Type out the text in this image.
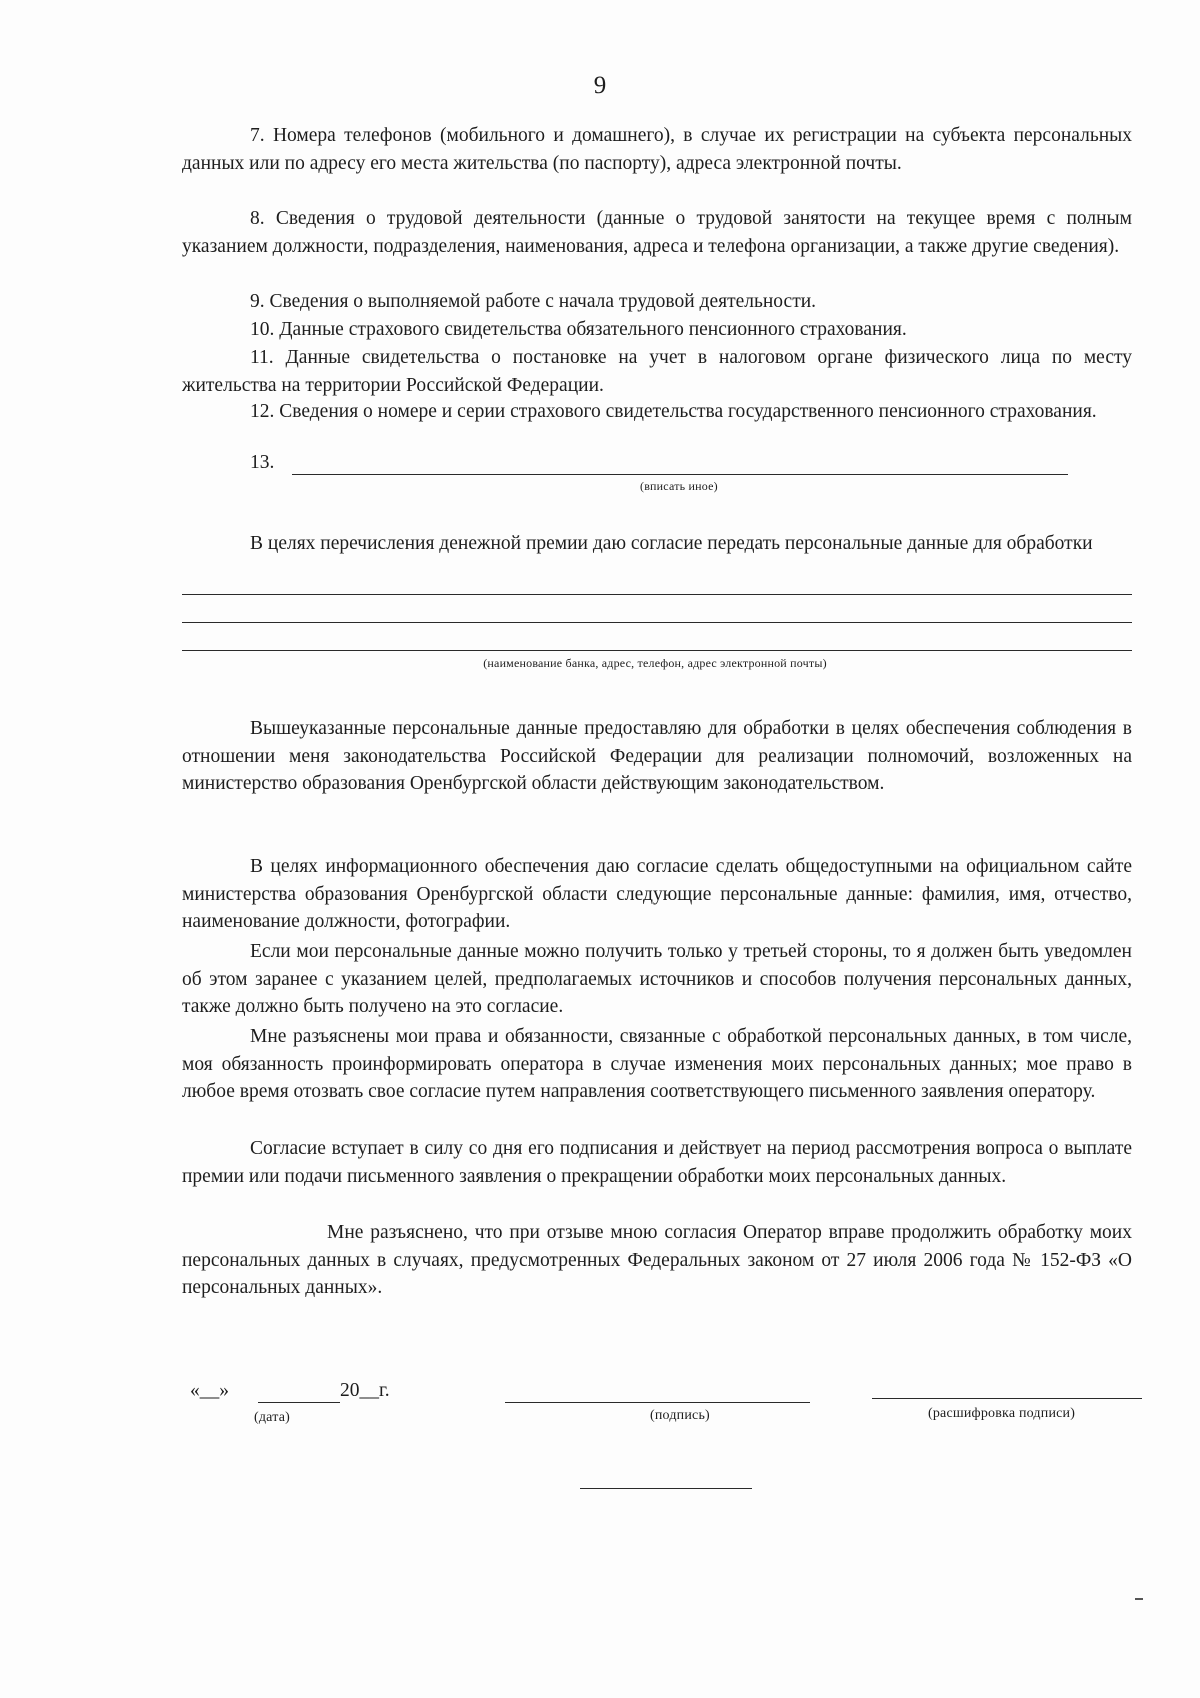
9
7. Номера телефонов (мобильного и домашнего), в случае их регистрации на субъекта персональных данных или по адресу его места жительства (по паспорту), адреса электронной почты.
8. Сведения о трудовой деятельности (данные о трудовой занятости на текущее время с полным указанием должности, подразделения, наименования, адреса и телефона организации, а также другие сведения).
9. Сведения о выполняемой работе с начала трудовой деятельности.
10. Данные страхового свидетельства обязательного пенсионного страхования.
11. Данные свидетельства о постановке на учет в налоговом органе физического лица по месту жительства на территории Российской Федерации.
12. Сведения о номере и серии страхового свидетельства государственного пенсионного страхования.
13.
(вписать иное)
В целях перечисления денежной премии даю согласие передать персональные данные для обработки
(наименование банка, адрес, телефон, адрес электронной почты)
Вышеуказанные персональные данные предоставляю для обработки в целях обеспечения соблюдения в отношении меня законодательства Российской Федерации для реализации полномочий, возложенных на министерство образования Оренбургской области действующим законодательством.
В целях информационного обеспечения даю согласие сделать общедоступными на официальном сайте министерства образования Оренбургской области следующие персональные данные: фамилия, имя, отчество, наименование должности, фотографии.
Если мои персональные данные можно получить только у третьей стороны, то я должен быть уведомлен об этом заранее с указанием целей, предполагаемых источников и способов получения персональных данных, также должно быть получено на это согласие.
Мне разъяснены мои права и обязанности, связанные с обработкой персональных данных, в том числе, моя обязанность проинформировать оператора в случае изменения моих персональных данных; мое право в любое время отозвать свое согласие путем направления соответствующего письменного заявления оператору.
Согласие вступает в силу со дня его подписания и действует на период рассмотрения вопроса о выплате премии или подачи письменного заявления о прекращении обработки моих персональных данных.
Мне разъяснено, что при отзыве мною согласия Оператор вправе продолжить обработку моих персональных данных в случаях, предусмотренных Федеральных законом от 27 июля 2006 года № 152-ФЗ «О персональных данных».
«__»	20__г.
(дата)	(подпись)	(расшифровка подписи)
